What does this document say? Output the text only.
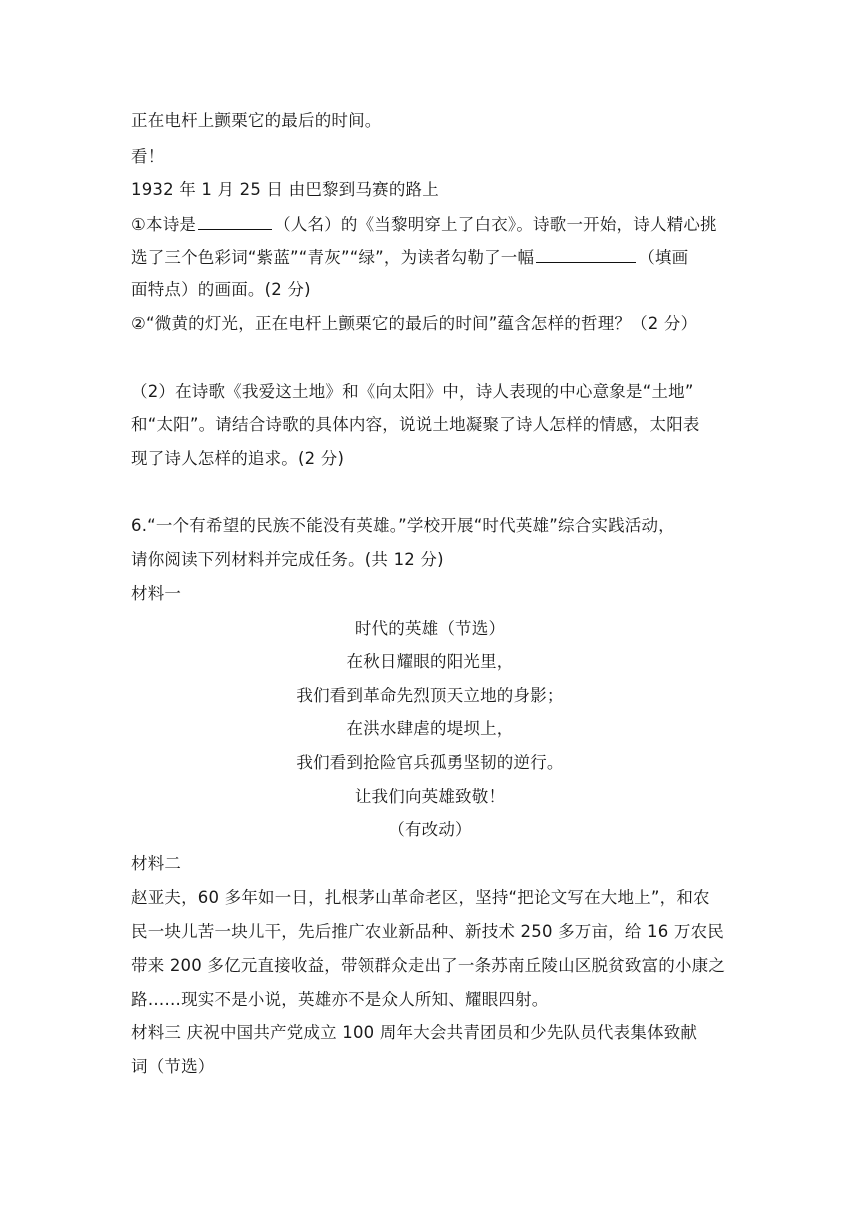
正在电杆上颤栗它的最后的时间。
看！
1932 年 1 月 25 日 由巴黎到马赛的路上
①本诗是	（人名）的《当黎明穿上了白衣》。诗歌一开始，诗人精心挑
选了三个色彩词“紫蓝”“青灰”“绿”，为读者勾勒了一幅	（填画
面特点）的画面。(2 分)
②“微黄的灯光，正在电杆上颤栗它的最后的时间”蕴含怎样的哲理？（2 分）
（2）在诗歌《我爱这土地》和《向太阳》中，诗人表现的中心意象是“土地”
和“太阳”。请结合诗歌的具体内容，说说土地凝聚了诗人怎样的情感，太阳表
现了诗人怎样的追求。(2 分)
6.“一个有希望的民族不能没有英雄。”学校开展“时代英雄”综合实践活动，
请你阅读下列材料并完成任务。(共 12 分)
材料一
时代的英雄（节选）
在秋日耀眼的阳光里，
我们看到革命先烈顶天立地的身影；
在洪水肆虐的堤坝上，
我们看到抢险官兵孤勇坚韧的逆行。
让我们向英雄致敬！
（有改动）
材料二
赵亚夫，60 多年如一日，扎根茅山革命老区，坚持“把论文写在大地上”，和农
民一块儿苦一块儿干，先后推广农业新品种、新技术 250 多万亩，给 16 万农民
带来 200 多亿元直接收益，带领群众走出了一条苏南丘陵山区脱贫致富的小康之
路……现实不是小说，英雄亦不是众人所知、耀眼四射。
材料三 庆祝中国共产党成立 100 周年大会共青团员和少先队员代表集体致献
词（节选）
